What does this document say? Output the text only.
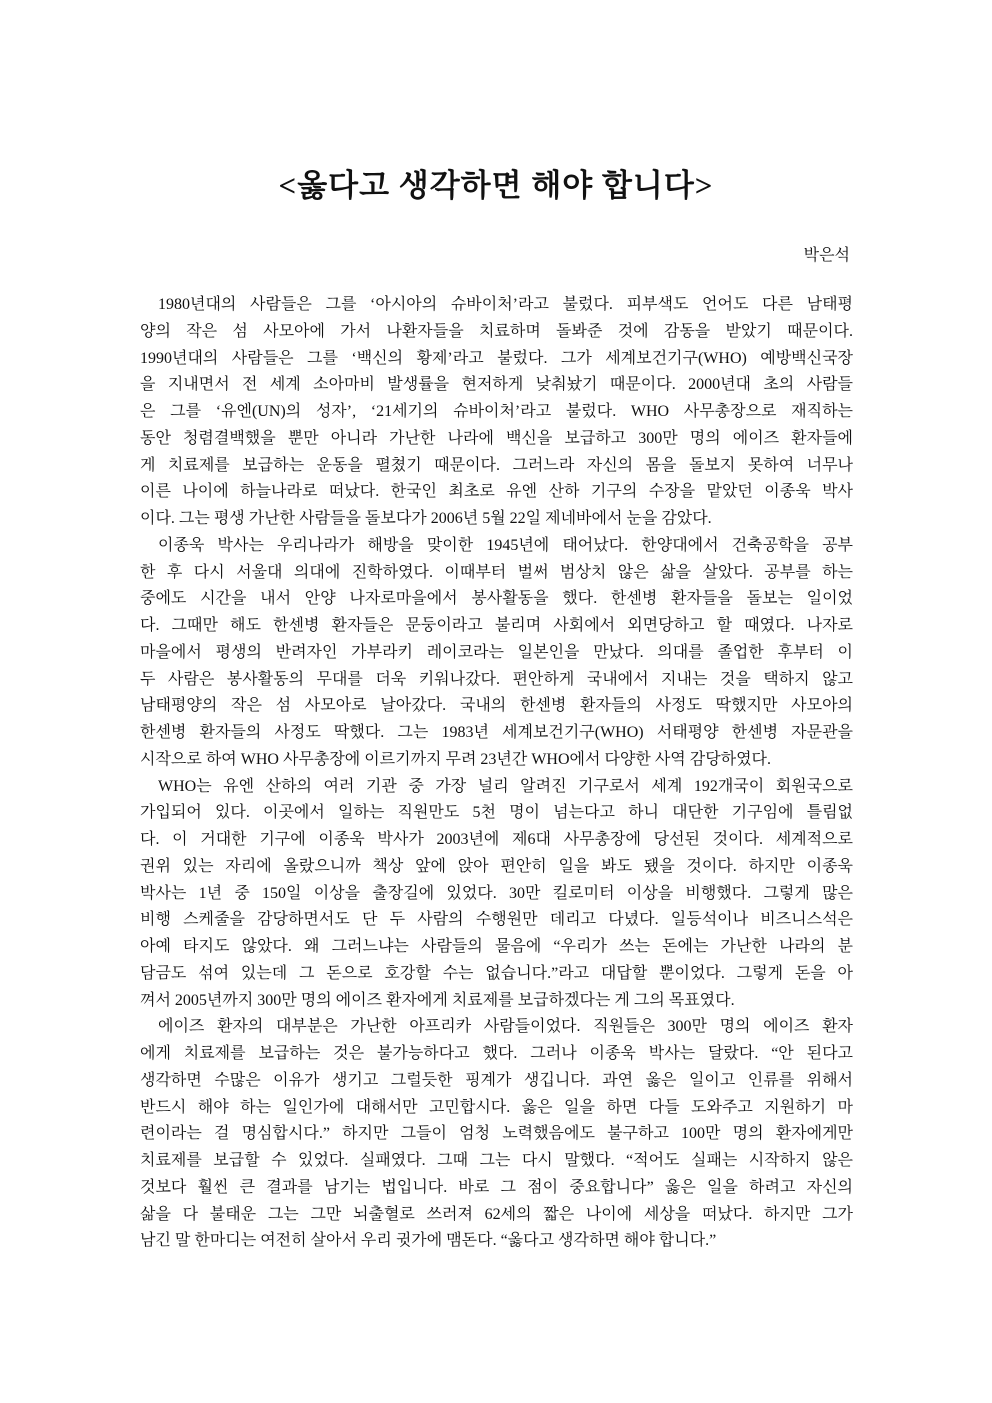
<옳다고 생각하면 해야 합니다>
박은석
1980년대의 사람들은 그를 ‘아시아의 슈바이처’라고 불렀다. 피부색도 언어도 다른 남태평
양의 작은 섬 사모아에 가서 나환자들을 치료하며 돌봐준 것에 감동을 받았기 때문이다.
1990년대의 사람들은 그를 ‘백신의 황제’라고 불렀다. 그가 세계보건기구(WHO) 예방백신국장
을 지내면서 전 세계 소아마비 발생률을 현저하게 낮춰놨기 때문이다. 2000년대 초의 사람들
은 그를 ‘유엔(UN)의 성자’, ‘21세기의 슈바이처’라고 불렀다. WHO 사무총장으로 재직하는
동안 청렴결백했을 뿐만 아니라 가난한 나라에 백신을 보급하고 300만 명의 에이즈 환자들에
게 치료제를 보급하는 운동을 펼쳤기 때문이다. 그러느라 자신의 몸을 돌보지 못하여 너무나
이른 나이에 하늘나라로 떠났다. 한국인 최초로 유엔 산하 기구의 수장을 맡았던 이종욱 박사
이다. 그는 평생 가난한 사람들을 돌보다가 2006년 5월 22일 제네바에서 눈을 감았다.
이종욱 박사는 우리나라가 해방을 맞이한 1945년에 태어났다. 한양대에서 건축공학을 공부
한 후 다시 서울대 의대에 진학하였다. 이때부터 벌써 범상치 않은 삶을 살았다. 공부를 하는
중에도 시간을 내서 안양 나자로마을에서 봉사활동을 했다. 한센병 환자들을 돌보는 일이었
다. 그때만 해도 한센병 환자들은 문둥이라고 불리며 사회에서 외면당하고 할 때였다. 나자로
마을에서 평생의 반려자인 가부라키 레이코라는 일본인을 만났다. 의대를 졸업한 후부터 이
두 사람은 봉사활동의 무대를 더욱 키워나갔다. 편안하게 국내에서 지내는 것을 택하지 않고
남태평양의 작은 섬 사모아로 날아갔다. 국내의 한센병 환자들의 사정도 딱했지만 사모아의
한센병 환자들의 사정도 딱했다. 그는 1983년 세계보건기구(WHO) 서태평양 한센병 자문관을
시작으로 하여 WHO 사무총장에 이르기까지 무려 23년간 WHO에서 다양한 사역 감당하였다.
WHO는 유엔 산하의 여러 기관 중 가장 널리 알려진 기구로서 세계 192개국이 회원국으로
가입되어 있다. 이곳에서 일하는 직원만도 5천 명이 넘는다고 하니 대단한 기구임에 틀림없
다. 이 거대한 기구에 이종욱 박사가 2003년에 제6대 사무총장에 당선된 것이다. 세계적으로
권위 있는 자리에 올랐으니까 책상 앞에 앉아 편안히 일을 봐도 됐을 것이다. 하지만 이종욱
박사는 1년 중 150일 이상을 출장길에 있었다. 30만 킬로미터 이상을 비행했다. 그렇게 많은
비행 스케줄을 감당하면서도 단 두 사람의 수행원만 데리고 다녔다. 일등석이나 비즈니스석은
아예 타지도 않았다. 왜 그러느냐는 사람들의 물음에 “우리가 쓰는 돈에는 가난한 나라의 분
담금도 섞여 있는데 그 돈으로 호강할 수는 없습니다.”라고 대답할 뿐이었다. 그렇게 돈을 아
껴서 2005년까지 300만 명의 에이즈 환자에게 치료제를 보급하겠다는 게 그의 목표였다.
에이즈 환자의 대부분은 가난한 아프리카 사람들이었다. 직원들은 300만 명의 에이즈 환자
에게 치료제를 보급하는 것은 불가능하다고 했다. 그러나 이종욱 박사는 달랐다. “안 된다고
생각하면 수많은 이유가 생기고 그럴듯한 핑계가 생깁니다. 과연 옳은 일이고 인류를 위해서
반드시 해야 하는 일인가에 대해서만 고민합시다. 옳은 일을 하면 다들 도와주고 지원하기 마
련이라는 걸 명심합시다.” 하지만 그들이 엄청 노력했음에도 불구하고 100만 명의 환자에게만
치료제를 보급할 수 있었다. 실패였다. 그때 그는 다시 말했다. “적어도 실패는 시작하지 않은
것보다 훨씬 큰 결과를 남기는 법입니다. 바로 그 점이 중요합니다” 옳은 일을 하려고 자신의
삶을 다 불태운 그는 그만 뇌출혈로 쓰러져 62세의 짧은 나이에 세상을 떠났다. 하지만 그가
남긴 말 한마디는 여전히 살아서 우리 귓가에 맴돈다. “옳다고 생각하면 해야 합니다.”
